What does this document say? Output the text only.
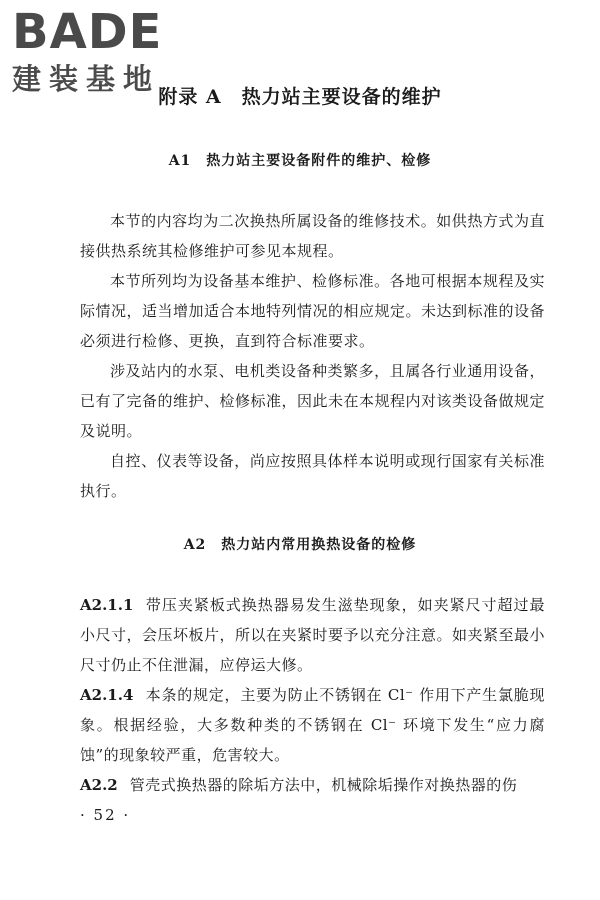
BADE
建装基地
附录 A　热力站主要设备的维护
A1　热力站主要设备附件的维护、检修
本节的内容均为二次换热所属设备的维修技术。如供热方式为直接供热系统其检修维护可参见本规程。
本节所列均为设备基本维护、检修标准。各地可根据本规程及实际情况，适当增加适合本地特列情况的相应规定。未达到标准的设备必须进行检修、更换，直到符合标准要求。
涉及站内的水泵、电机类设备种类繁多，且属各行业通用设备，已有了完备的维护、检修标准，因此未在本规程内对该类设备做规定及说明。
自控、仪表等设备，尚应按照具体样本说明或现行国家有关标准执行。
A2　热力站内常用换热设备的检修
A2.1.1 带压夹紧板式换热器易发生滋垫现象，如夹紧尺寸超过最小尺寸，会压坏板片，所以在夹紧时要予以充分注意。如夹紧至最小尺寸仍止不住泄漏，应停运大修。
A2.1.4 本条的规定，主要为防止不锈钢在 Cl⁻ 作用下产生氯脆现象。根据经验，大多数种类的不锈钢在 Cl⁻ 环境下发生“应力腐蚀”的现象较严重，危害较大。
A2.2 管壳式换热器的除垢方法中，机械除垢操作对换热器的伤
· 52 ·
